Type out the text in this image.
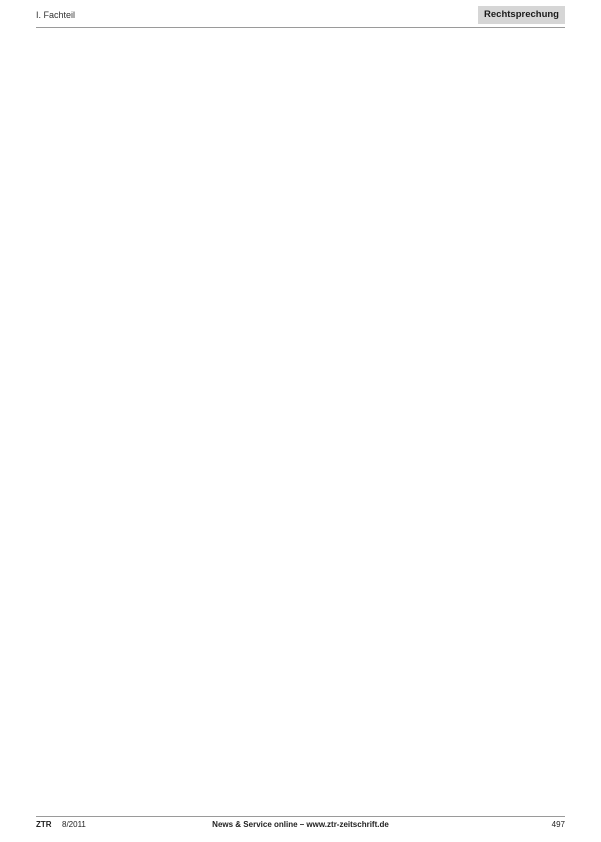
I. Fachteil	Rechtsprechung
ZTR 8/2011	News & Service online – www.ztr-zeitschrift.de	497
